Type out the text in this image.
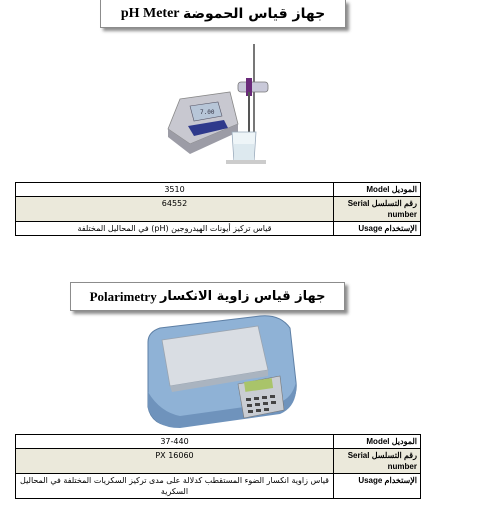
جهاز قياس الحموضة

pH Meter
7.00
3510	الموديل Model
64552	رقم التسلسل Serial number
قياس تركيز أيونات الهيدروجين (pH) في المحاليل المختلفة	الإستخدام Usage
جهاز قياس زاوية الانكسار

Polarimetry
37-440	الموديل Model
PX 16060	رقم التسلسل Serial number
قياس زاوية انكسار الضوء المستقطب كدلالة على مدى تركيز السكريات المختلفة في المحاليل السكرية	الإستخدام Usage
